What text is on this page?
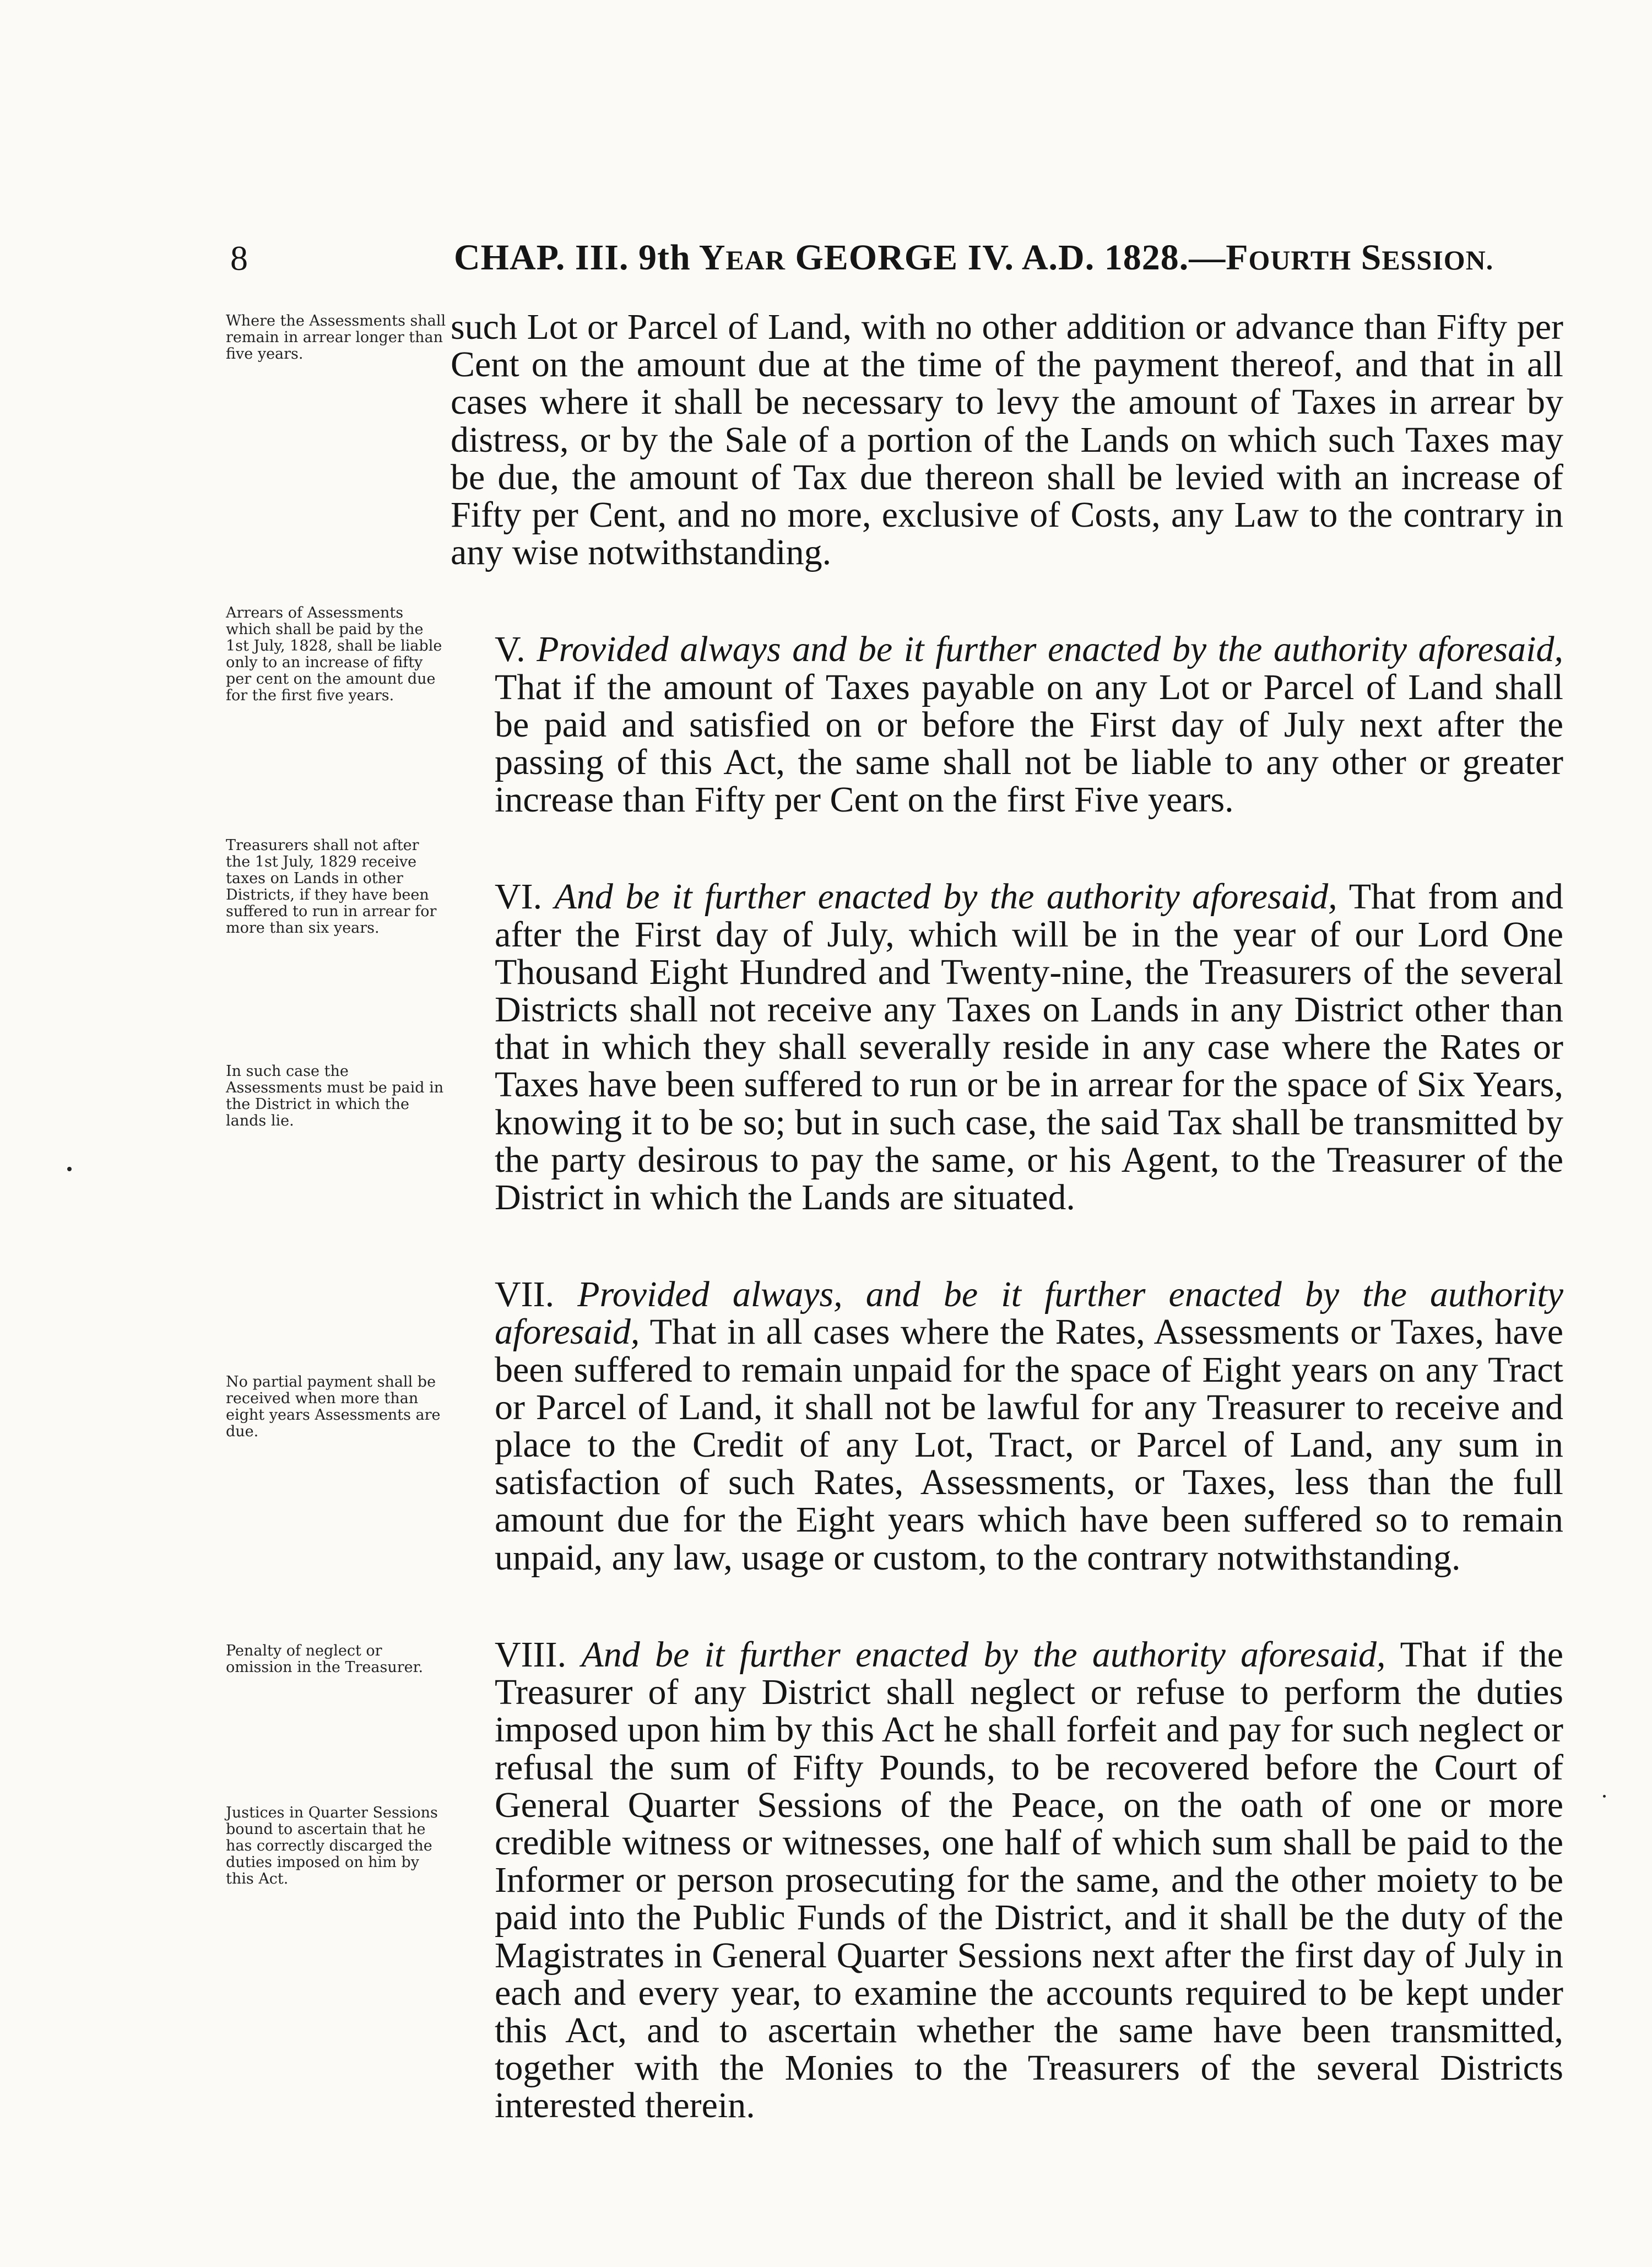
8	CHAP. III. 9th YEAR GEORGE IV. A.D. 1828.—FOURTH SESSION.
Where the Assessments shall remain in arrear longer than five years.
Arrears of Assessments which shall be paid by the 1st July, 1828, shall be liable only to an increase of fifty per cent on the amount due for the first five years.
Treasurers shall not after the 1st July, 1829 receive taxes on Lands in other Districts, if they have been suffered to run in arrear for more than six years.
In such case the Assessments must be paid in the District in which the lands lie.
No partial payment shall be received when more than eight years Assessments are due.
Penalty of neglect or omission in the Treasurer.
Justices in Quarter Sessions bound to ascertain that he has correctly discarged the duties imposed on him by this Act.

such Lot or Parcel of Land, with no other addition or advance than Fifty per Cent on the amount due at the time of the payment thereof, and that in all cases where it shall be necessary to levy the amount of Taxes in arrear by distress, or by the Sale of a portion of the Lands on which such Taxes may be due, the amount of Tax due thereon shall be levied with an increase of Fifty per Cent, and no more, exclusive of Costs, any Law to the contrary in any wise notwithstanding.

V. Provided always and be it further enacted by the authority aforesaid, That if the amount of Taxes payable on any Lot or Parcel of Land shall be paid and satisfied on or before the First day of July next after the passing of this Act, the same shall not be liable to any other or greater increase than Fifty per Cent on the first Five years.

VI. And be it further enacted by the authority aforesaid, That from and after the First day of July, which will be in the year of our Lord One Thousand Eight Hundred and Twenty-nine, the Treasurers of the several Districts shall not receive any Taxes on Lands in any District other than that in which they shall severally reside in any case where the Rates or Taxes have been suffered to run or be in arrear for the space of Six Years, knowing it to be so; but in such case, the said Tax shall be transmitted by the party desirous to pay the same, or his Agent, to the Treasurer of the District in which the Lands are situated.

VII. Provided always, and be it further enacted by the authority aforesaid, That in all cases where the Rates, Assessments or Taxes, have been suffered to remain unpaid for the space of Eight years on any Tract or Parcel of Land, it shall not be lawful for any Treasurer to receive and place to the Credit of any Lot, Tract, or Parcel of Land, any sum in satisfaction of such Rates, Assessments, or Taxes, less than the full amount due for the Eight years which have been suffered so to remain unpaid, any law, usage or custom, to the contrary notwithstanding.

VIII. And be it further enacted by the authority aforesaid, That if the Treasurer of any District shall neglect or refuse to perform the duties imposed upon him by this Act he shall forfeit and pay for such neglect or refusal the sum of Fifty Pounds, to be recovered before the Court of General Quarter Sessions of the Peace, on the oath of one or more credible witness or witnesses, one half of which sum shall be paid to the Informer or person prosecuting for the same, and the other moiety to be paid into the Public Funds of the District, and it shall be the duty of the Magistrates in General Quarter Sessions next after the first day of July in each and every year, to examine the accounts required to be kept under this Act, and to ascertain whether the same have been transmitted, together with the Monies to the Treasurers of the several Districts interested therein.
